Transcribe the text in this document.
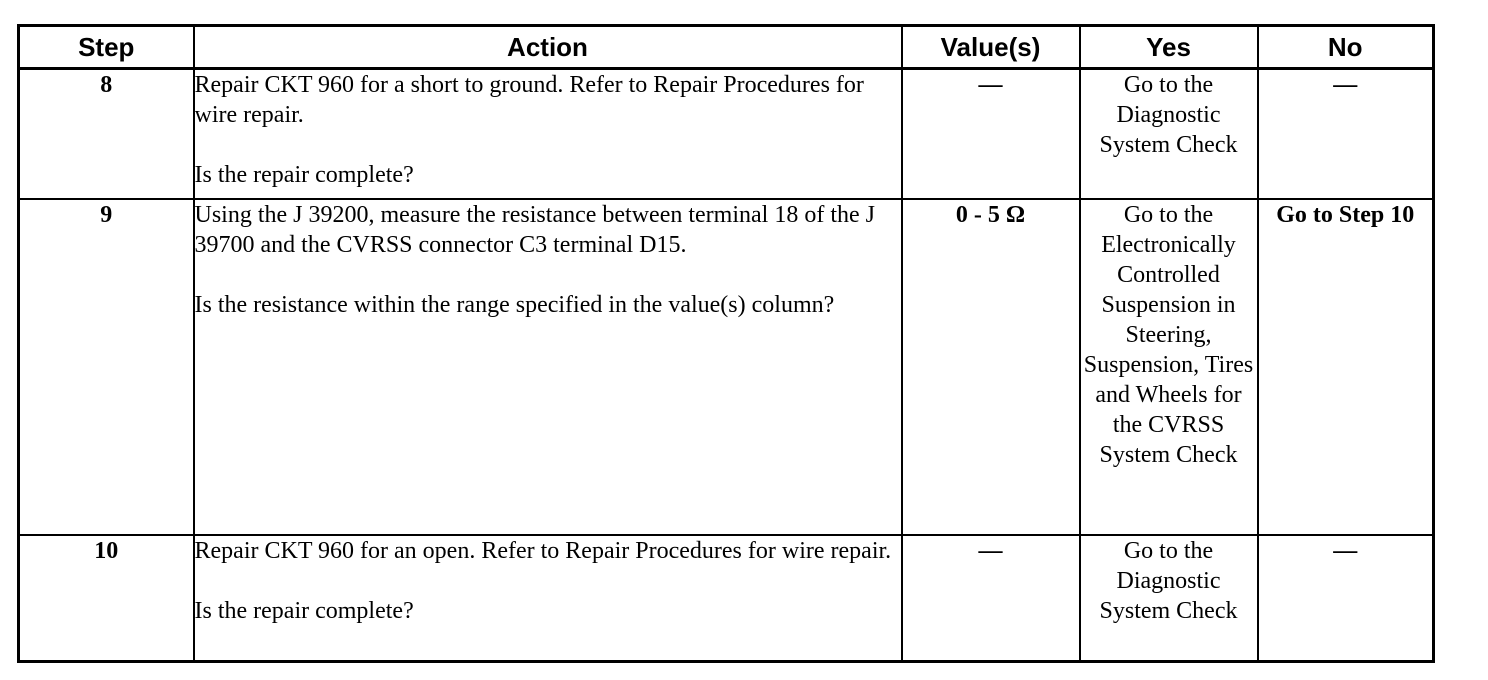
Step	Action	Value(s)	Yes	No
8	Repair CKT 960 for a short to ground. Refer to Repair Procedures for wire repair.

Is the repair complete?	—	Go to the Diagnostic System Check	—
9	Using the J 39200, measure the resistance between terminal 18 of the J 39700 and the CVRSS connector C3 terminal D15.

Is the resistance within the range specified in the value(s) column?	0 - 5 Ω	Go to the Electronically Controlled Suspension in Steering, Suspension, Tires and Wheels for the CVRSS System Check	Go to Step 10
10	Repair CKT 960 for an open. Refer to Repair Procedures for wire repair.

Is the repair complete?	—	Go to the Diagnostic System Check	—
